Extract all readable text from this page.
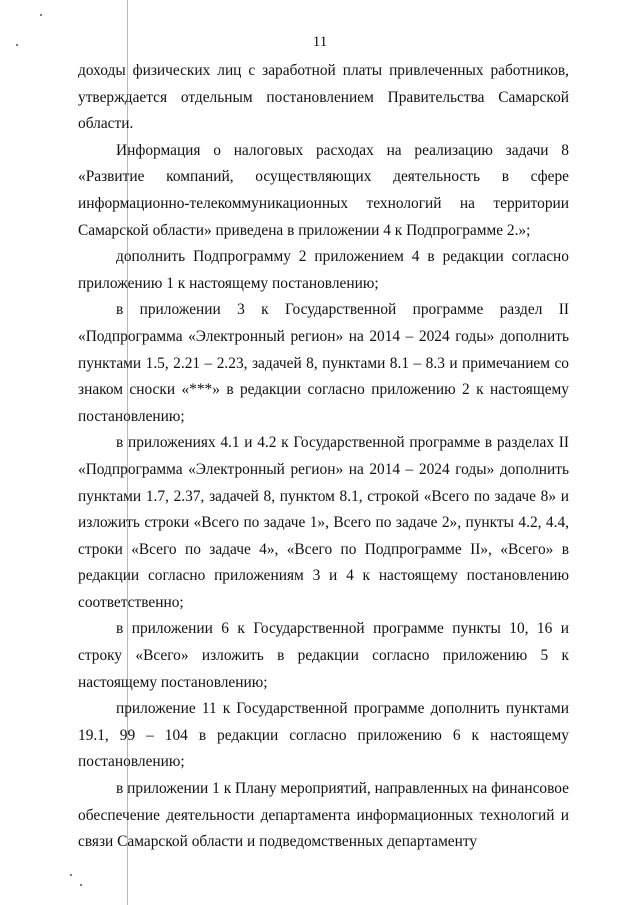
11

доходы физических лиц с заработной платы привлеченных работников, утверждается отдельным постановлением Правительства Самарской области.

Информация о налоговых расходах на реализацию задачи 8 «Развитие компаний, осуществляющих деятельность в сфере информационно-телекоммуникационных технологий на территории Самарской области» приведена в приложении 4 к Подпрограмме 2.»;

дополнить Подпрограмму 2 приложением 4 в редакции согласно приложению 1 к настоящему постановлению;

в приложении 3 к Государственной программе раздел II «Подпрограмма «Электронный регион» на 2014 – 2024 годы» дополнить пунктами 1.5, 2.21 – 2.23, задачей 8, пунктами 8.1 – 8.3 и примечанием со знаком сноски «***» в редакции согласно приложению 2 к настоящему постановлению;

в приложениях 4.1 и 4.2 к Государственной программе в разделах II «Подпрограмма «Электронный регион» на 2014 – 2024 годы» дополнить пунктами 1.7, 2.37, задачей 8, пунктом 8.1, строкой «Всего по задаче 8» и изложить строки «Всего по задаче 1», Всего по задаче 2», пункты 4.2, 4.4, строки «Всего по задаче 4», «Всего по Подпрограмме II», «Всего» в редакции согласно приложениям 3 и 4 к настоящему постановлению соответственно;

в приложении 6 к Государственной программе пункты 10, 16 и строку «Всего» изложить в редакции согласно приложению 5 к настоящему постановлению;

приложение 11 к Государственной программе дополнить пунктами 19.1, 99 – 104 в редакции согласно приложению 6 к настоящему постановлению;

в приложении 1 к Плану мероприятий, направленных на финансовое обеспечение деятельности департамента информационных технологий и связи Самарской области и подведомственных департаменту
